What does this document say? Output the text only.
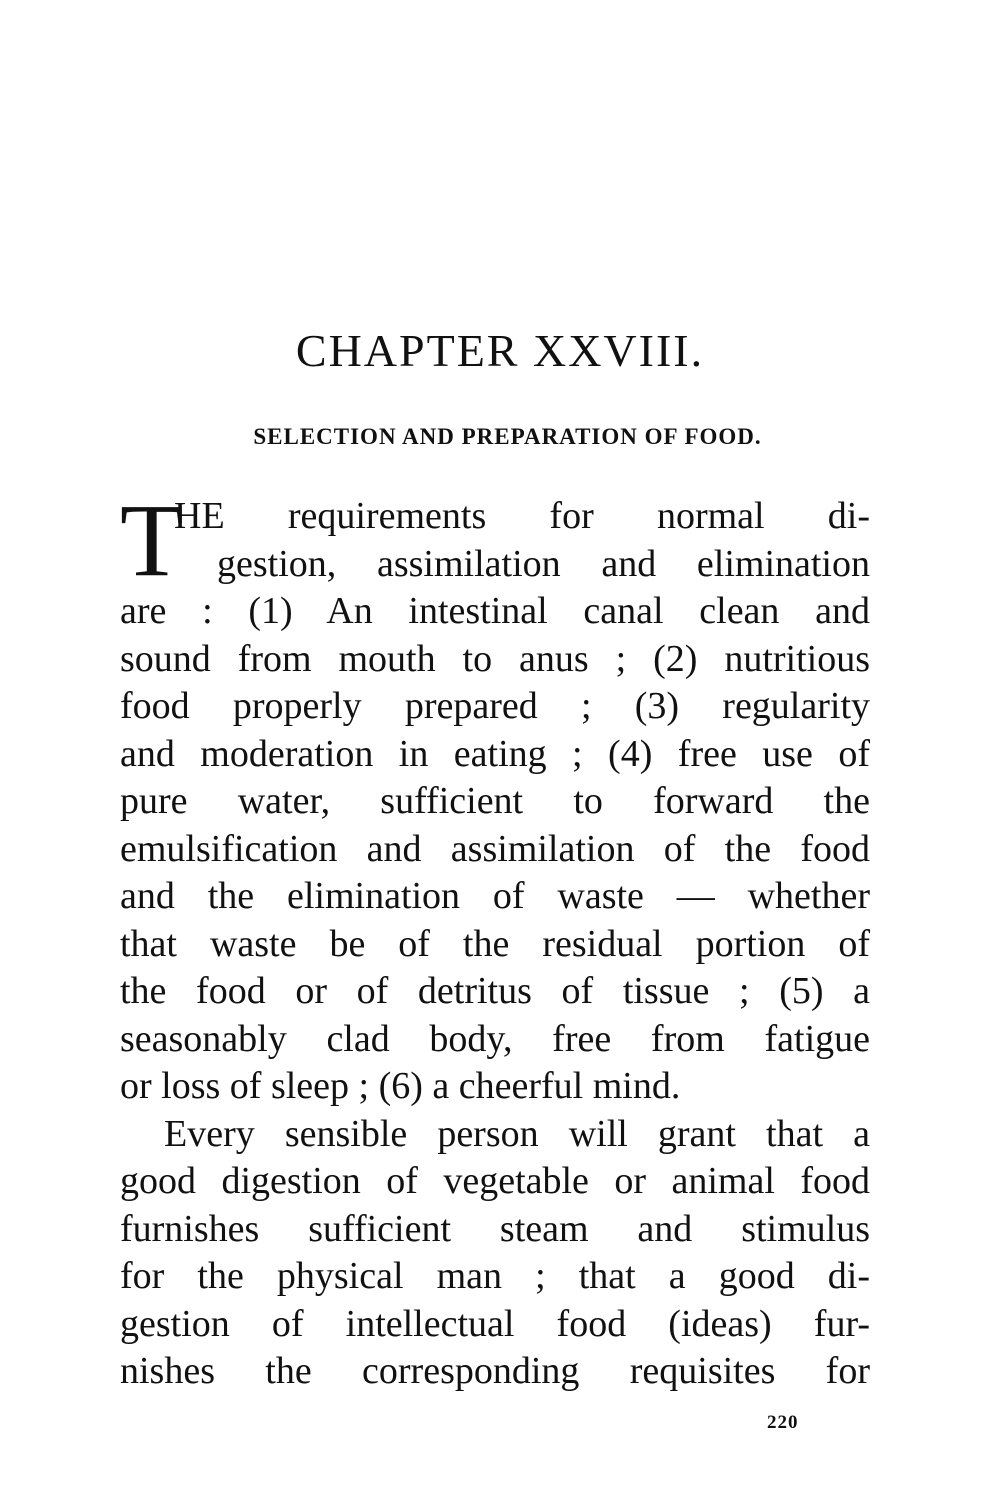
CHAPTER XXVIII.
SELECTION AND PREPARATION OF FOOD.
T
HE requirements for normal di-
gestion, assimilation and elimination
are : (1) An intestinal canal clean and
sound from mouth to anus ; (2) nutritious
food properly prepared ; (3) regularity
and moderation in eating ; (4) free use of
pure water, sufficient to forward the
emulsification and assimilation of the food
and the elimination of waste — whether
that waste be of the residual portion of
the food or of detritus of tissue ; (5) a
seasonably clad body, free from fatigue
or loss of sleep ; (6) a cheerful mind.
Every sensible person will grant that a
good digestion of vegetable or animal food
furnishes sufficient steam and stimulus
for the physical man ; that a good di-
gestion of intellectual food (ideas) fur-
nishes the corresponding requisites for
220
